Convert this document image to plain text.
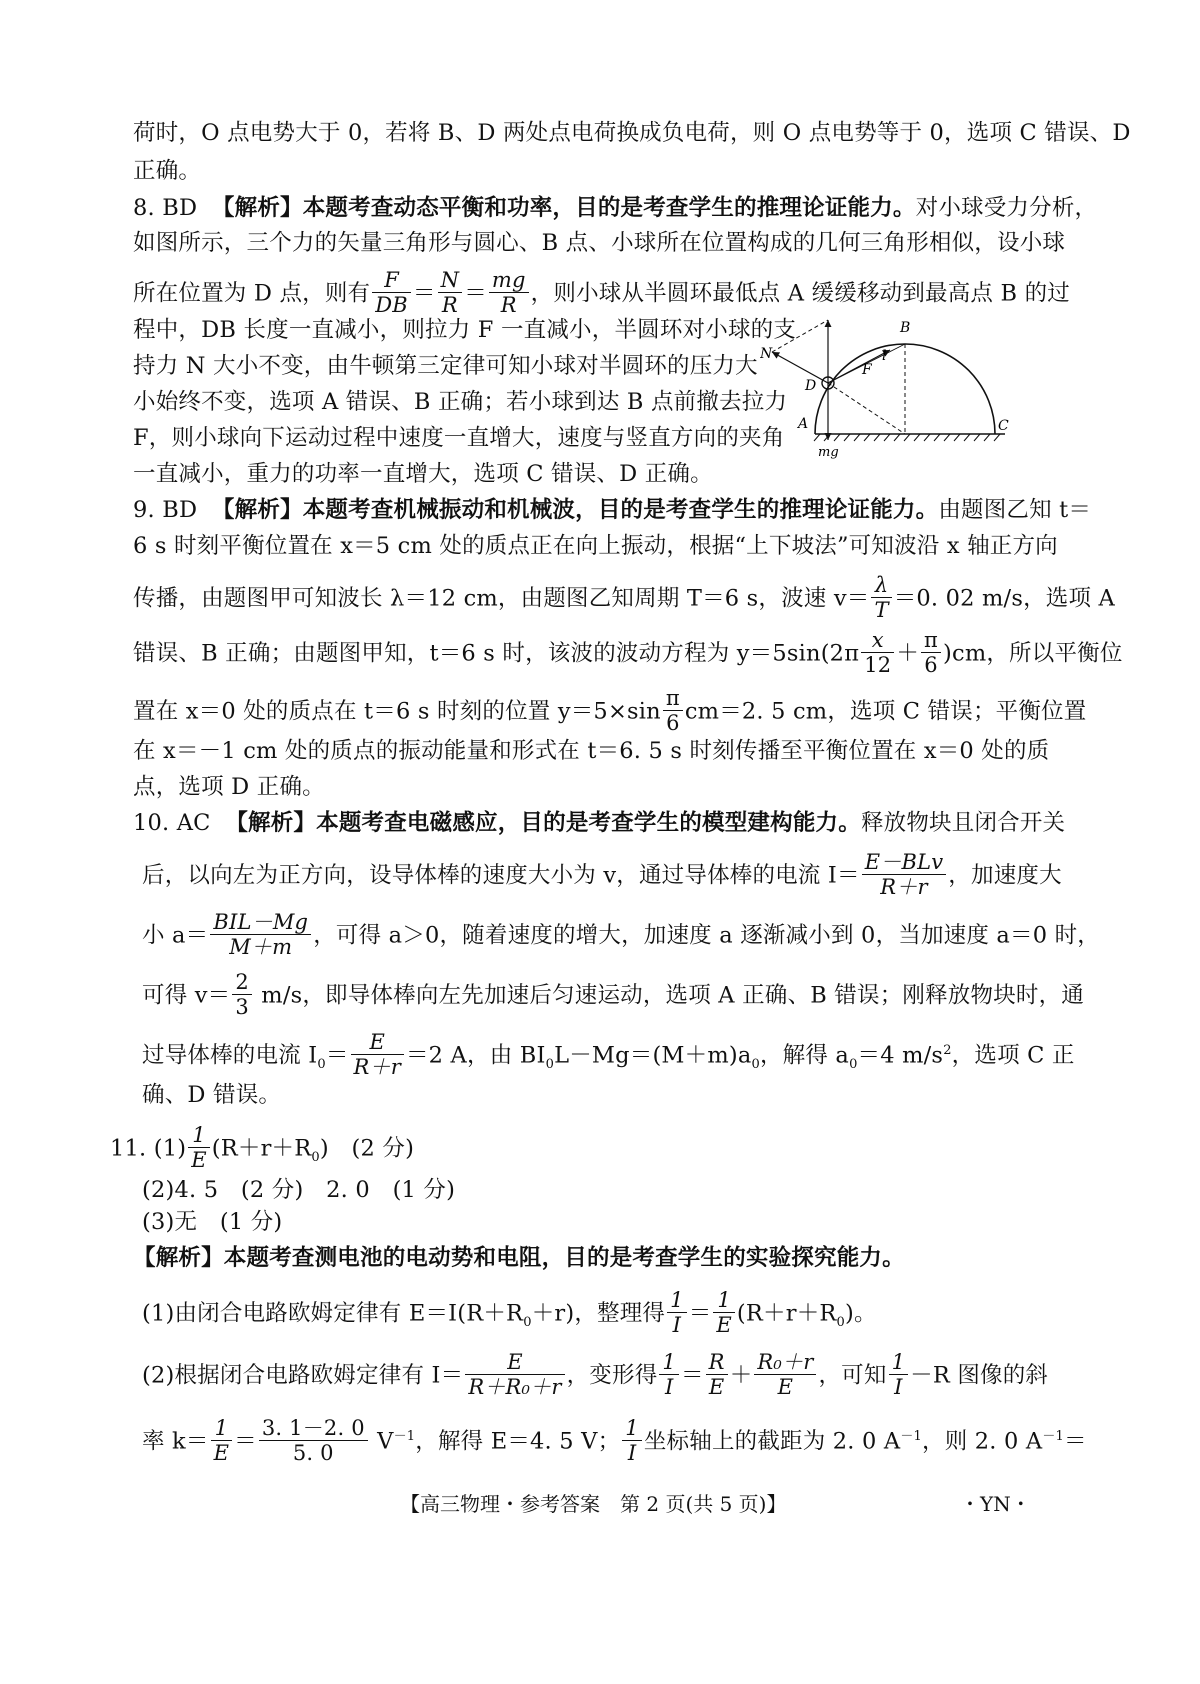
荷时，O 点电势大于 0，若将 B、D 两处点电荷换成负电荷，则 O 点电势等于 0，选项 C 错误、D
正确。
8. BD 【解析】本题考查动态平衡和功率，目的是考查学生的推理论证能力。对小球受力分析，
如图所示，三个力的矢量三角形与圆心、B 点、小球所在位置构成的几何三角形相似，设小球
所在位置为 D 点，则有 $\frac{F}{DB} = \frac{N}{R} = \frac{mg}{R}$ ，则小球从半圆环最低点 A 缓缓移动到最高点 B 的过
程中，DB 长度一直减小，则拉力 F 一直减小，半圆环对小球的支
持力 N 大小不变，由牛顿第三定律可知小球对半圆环的压力大
小始终不变，选项 A 错误、B 正确；若小球到达 B 点前撤去拉力
F，则小球向下运动过程中速度一直增大，速度与竖直方向的夹角
一直减小，重力的功率一直增大，选项 C 错误、D 正确。
B
N
F
l
D
A	C
mg
9. BD 【解析】本题考查机械振动和机械波，目的是考查学生的推理论证能力。由题图乙知 t＝
6 s 时刻平衡位置在 x＝5 cm 处的质点正在向上振动，根据“上下坡法”可知波沿 x 轴正方向
传播，由题图甲可知波长 λ＝12 cm，由题图乙知周期 T＝6 s，波速 $v= \frac{\lambda}{T} =0$. 02 m/s，选项 A
错误、B 正确；由题图甲知，t＝6 s 时，该波的波动方程为 $y=5\sin(2\pi \frac{x}{12} + \frac{\pi}{6} )cm$，所以平衡位
置在 x＝0 处的质点在 t＝6 s 时刻的位置 $y=5\times\sin \frac{\pi}{6} cm=2$. 5 cm，选项 C 错误；平衡位置
在 x＝－1 cm 处的质点的振动能量和形式在 t＝6. 5 s 时刻传播至平衡位置在 x＝0 处的质
点，选项 D 正确。
10. AC 【解析】本题考查电磁感应，目的是考查学生的模型建构能力。释放物块且闭合开关
后，以向左为正方向，设导体棒的速度大小为 v，通过导体棒的电流 $I= \frac{\text{E－BLv}}{R+r}$ ，加速度大
小 $a= \frac{\text{BIL－Mg}}{M+m}$ ，可得 a＞0，随着速度的增大，加速度 a 逐渐减小到 0，当加速度 a＝0 时，
可得 $v= \frac{2}{3} m/s$，即导体棒向左先加速后匀速运动，选项 A 正确、B 错误；刚释放物块时，通
过导体棒的电流 $I_0= \frac{E}{R+r} =2$ A，由 $BI_0L-Mg=(M+m)a_0$，解得 $a_0=4$ $m/s^2$，选项 C 正
确、D 错误。
11. $(1) \frac{1}{E} (R+r+R_0)$　(2 分)
(2)4. 5　(2 分)　2. 0　(1 分)
(3)无　(1 分)
【解析】本题考查测电池的电动势和电阻，目的是考查学生的实验探究能力。
(1)由闭合电路欧姆定律有 $E=I(R+R_0+r)$，整理得 $\frac{1}{I} = \frac{1}{E} (R+r+R_0)$。
(2)根据闭合电路欧姆定律有 $I= \frac{E}{\text{R＋R₀＋r}}$ ，变形得 $\frac{1}{I} = \frac{R}{E} + \frac{\text{R₀＋r}}{E}$ ，可知 $\frac{1}{I} -R$ 图像的斜
率 $k= \frac{1}{E} = \frac{3. 1-2. 0}{5. 0} V^{-1}$，解得 E＝4. 5 V； $\frac{1}{I}$ 坐标轴上的截距为 2. 0 $A^{-1}$，则 2. 0 $A^{-1}=$
【高三物理・参考答案　第 2 页(共 5 页)】	・YN・
